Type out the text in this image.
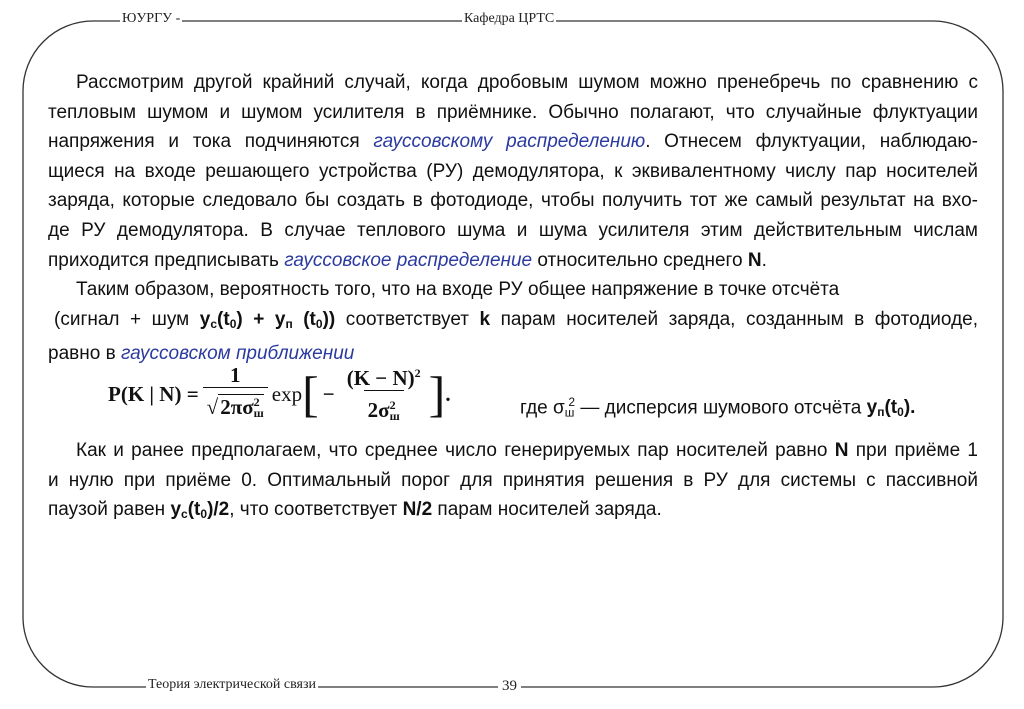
ЮУРГУ -	Кафедра ЦРТС
Теория электрической связи	39
Рассмотрим другой крайний случай, когда дробовым шумом можно пренебречь по сравнению с
тепловым шумом и шумом усилителя в приёмнике. Обычно полагают, что случайные флуктуации
напряжения и тока подчиняются гауссовскому распределению. Отнесем флуктуации, наблюдаю-
щиеся на входе решающего устройства (РУ) демодулятора, к эквивалентному числу пар носителей
заряда, которые следовало бы создать в фотодиоде, чтобы получить тот же самый результат на вхо-
де РУ демодулятора. В случае теплового шума и шума усилителя этим действительным числам
приходится предписывать гауссовское распределение относительно среднего N.
Таким образом, вероятность того, что на входе РУ общее напряжение в точке отсчёта
(сигнал + шум $y_c(t_0) + y_п$ $(t_0)$) соответствует k парам носителей заряда, созданным в фотодиоде,
равно в гауссовском приближении
P(K | $N) = \frac{1}{√2\pi\sigma^2_ш}$ exp [ − $\frac{(K - N)^2}{2\sigma^2_ш}$ ] .
где $\sigma_ш^2$ — дисперсия шумового отсчёта $y_п(t_0)$.
Как и ранее предполагаем, что среднее число генерируемых пар носителей равно N при приёме 1
и нулю при приёме 0. Оптимальный порог для принятия решения в РУ для системы с пассивной
паузой равен $y_c(t_0)/2$, что соответствует N/2 парам носителей заряда.
